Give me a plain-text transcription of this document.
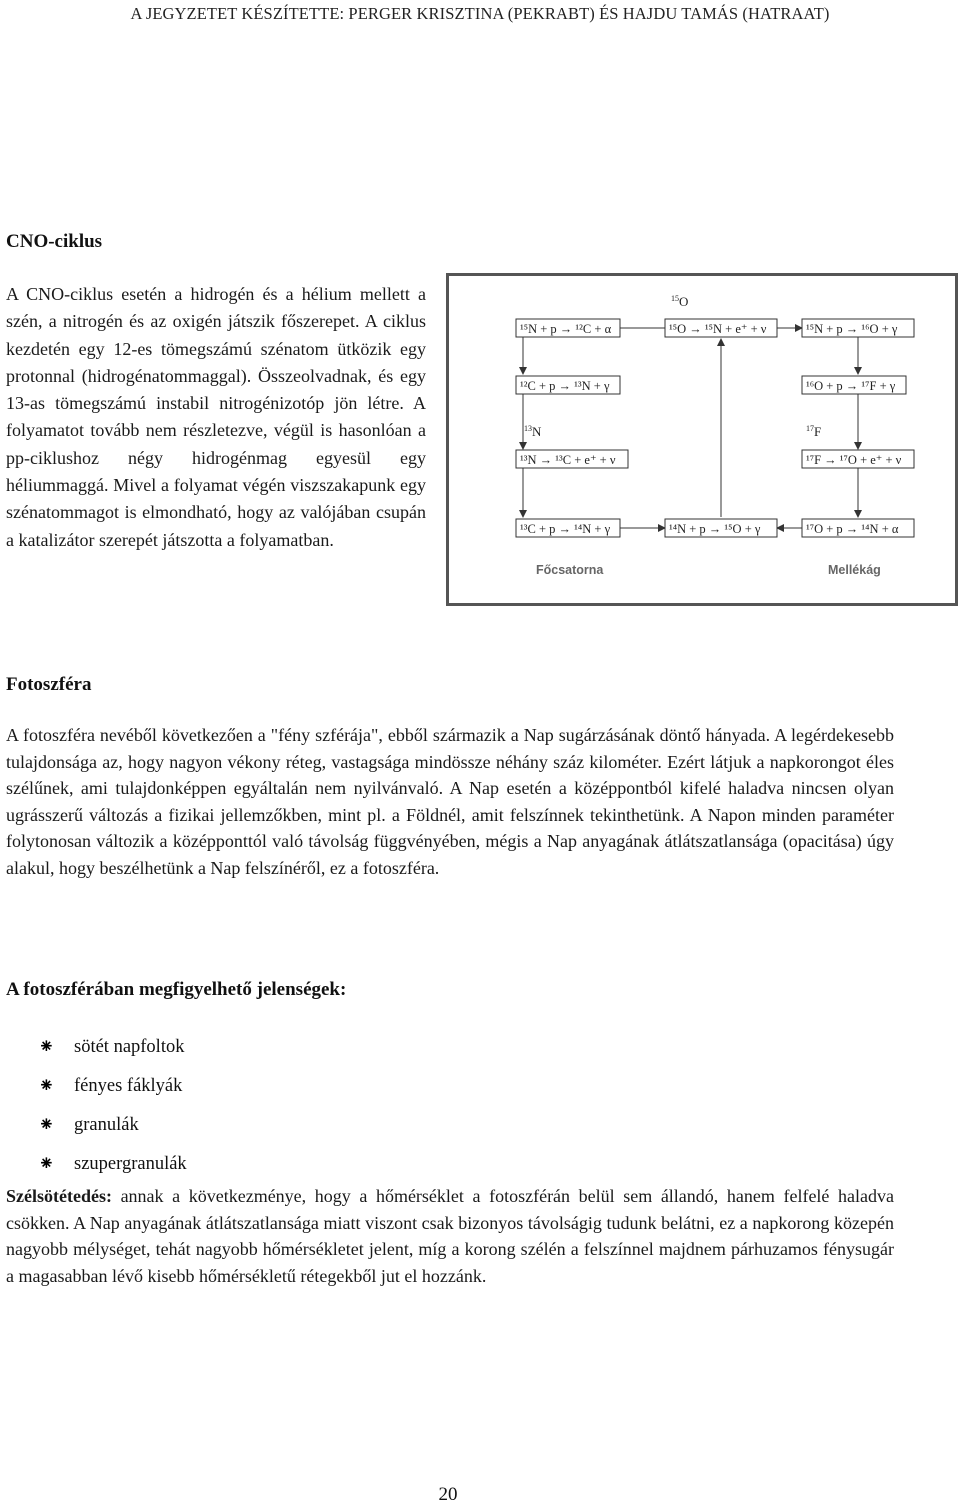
A JEGYZETET KÉSZÍTETTE: PERGER KRISZTINA (PEKRABT) ÉS HAJDU TAMÁS (HATRAAT)
CNO-ciklus

A CNO-ciklus esetén a hidrogén és a hélium mellett a szén, a nitrogén és az oxigén játszik főszerepet. A ciklus kezdetén egy 12-es tömegszámú szénatom ütközik egy protonnal (hidrogénatommaggal). Összeolvadnak, és egy 13-as tömegszámú instabil nitrogénizotóp jön létre. A folyamatot tovább nem részletezve, végül is hasonlóan a pp-ciklushoz négy hidrogénmag egyesül egy héliummaggá. Mivel a folyamat végén viszszakapunk egy szénatommagot is elmondható, hogy az valójában csupán a katalizátor szerepét játszotta a folyamatban.

$^{15}$O
$^{13}$N	$^{17}$F
¹⁵N + p → ¹²C + α	¹⁵O → ¹⁵N + e⁺ + ν	¹⁵N + p → ¹⁶O + γ
¹²C + p → ¹³N + γ	¹⁶O + p → ¹⁷F + γ
¹³N → ¹³C + e⁺ + ν	¹⁷F → ¹⁷O + e⁺ + ν
¹³C + p → ¹⁴N + γ	¹⁴N + p → ¹⁵O + γ	¹⁷O + p → ¹⁴N + α
Főcsatorna	Mellékág
Fotoszféra

A fotoszféra nevéből következően a "fény szférája", ebből származik a Nap sugárzásának döntő hányada. A legérdekesebb tulajdonsága az, hogy nagyon vékony réteg, vastagsága mindössze néhány száz kilométer. Ezért látjuk a napkorongot éles szélűnek, ami tulajdonképpen egyáltalán nem nyilvánvaló. A Nap esetén a középpontból kifelé haladva nincsen olyan ugrásszerű változás a fizikai jellemzőkben, mint pl. a Földnél, amit felszínnek tekinthetünk. A Napon minden paraméter folytonosan változik a középponttól való távolság függvényében, mégis a Nap anyagának átlátszatlansága (opacitása) úgy alakul, hogy beszélhetünk a Nap felszínéről, ez a fotoszféra.

A fotoszférában megfigyelhető jelenségek:
⁕	sötét napfoltok
⁕	fényes fáklyák
⁕	granulák
⁕	szupergranulák

Szélsötétedés: annak a következménye, hogy a hőmérséklet a fotoszférán belül sem állandó, hanem felfelé haladva csökken. A Nap anyagának átlátszatlansága miatt viszont csak bizonyos távolságig tudunk belátni, ez a napkorong közepén nagyobb mélységet, tehát nagyobb hőmérsékletet jelent, míg a korong szélén a felszínnel majdnem párhuzamos fénysugár a magasabban lévő kisebb hőmérsékletű rétegekből jut el hozzánk.

20
